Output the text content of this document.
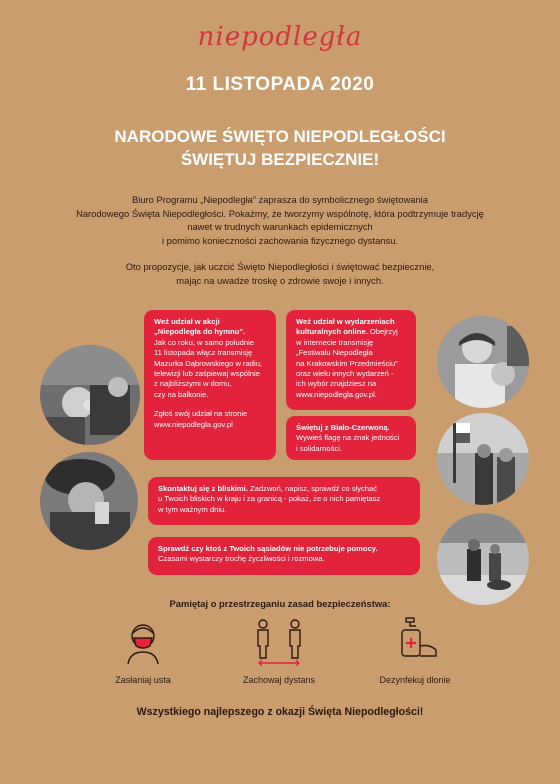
niepodległa
11 LISTOPADA 2020
NARODOWE ŚWIĘTO NIEPODLEGŁOŚCI
ŚWIĘTUJ BEZPIECZNIE!
Biuro Programu „Niepodległa” zaprasza do symbolicznego świętowania
Narodowego Święta Niepodległości. Pokażmy, że tworzymy wspólnotę, która podtrzymuje tradycję
nawet w trudnych warunkach epidemicznych
i pomimo konieczności zachowania fizycznego dystansu.
Oto propozycje, jak uczcić Święto Niepodległości i świętować bezpiecznie,
mając na uwadze troskę o zdrowie swoje i innych.
Weź udział w akcji
„Niepodległa do hymnu”.
Jak co roku, w samo południe
11 listopada włącz transmisję
Mazurka Dąbrowskiego w radiu,
telewizji lub zaśpiewaj wspólnie
z najbliższymi w domu,
czy na balkonie.
Zgłoś swój udział na stronie
www.niepodlegla.gov.pl
Weź udział w wydarzeniach
kulturalnych online. Obejrzyj
w internecie transmisję
„Festiwalu Niepodległa
na Krakowskim Przedmieściu”
oraz wielu innych wydarzeń -
ich wybór znajdziesz na
www.niepodlegla.gov.pl.
Świętuj z Biało-Czerwoną.
Wywieś flagę na znak jedności
i solidarności.
Skontaktuj się z bliskimi. Zadzwoń, napisz, sprawdź co słychać
u Twoich bliskich w kraju i za granicą - pokaż, że o nich pamiętasz
w tym ważnym dniu.
Sprawdź czy ktoś z Twoich sąsiadów nie potrzebuje pomocy.
Czasami wystarczy trochę życzliwości i rozmowa.
Pamiętaj o przestrzeganiu zasad bezpieczeństwa:
Zasłaniaj usta	Zachowaj dystans	Dezynfekuj dłonie
Wszystkiego najlepszego z okazji Święta Niepodległości!
